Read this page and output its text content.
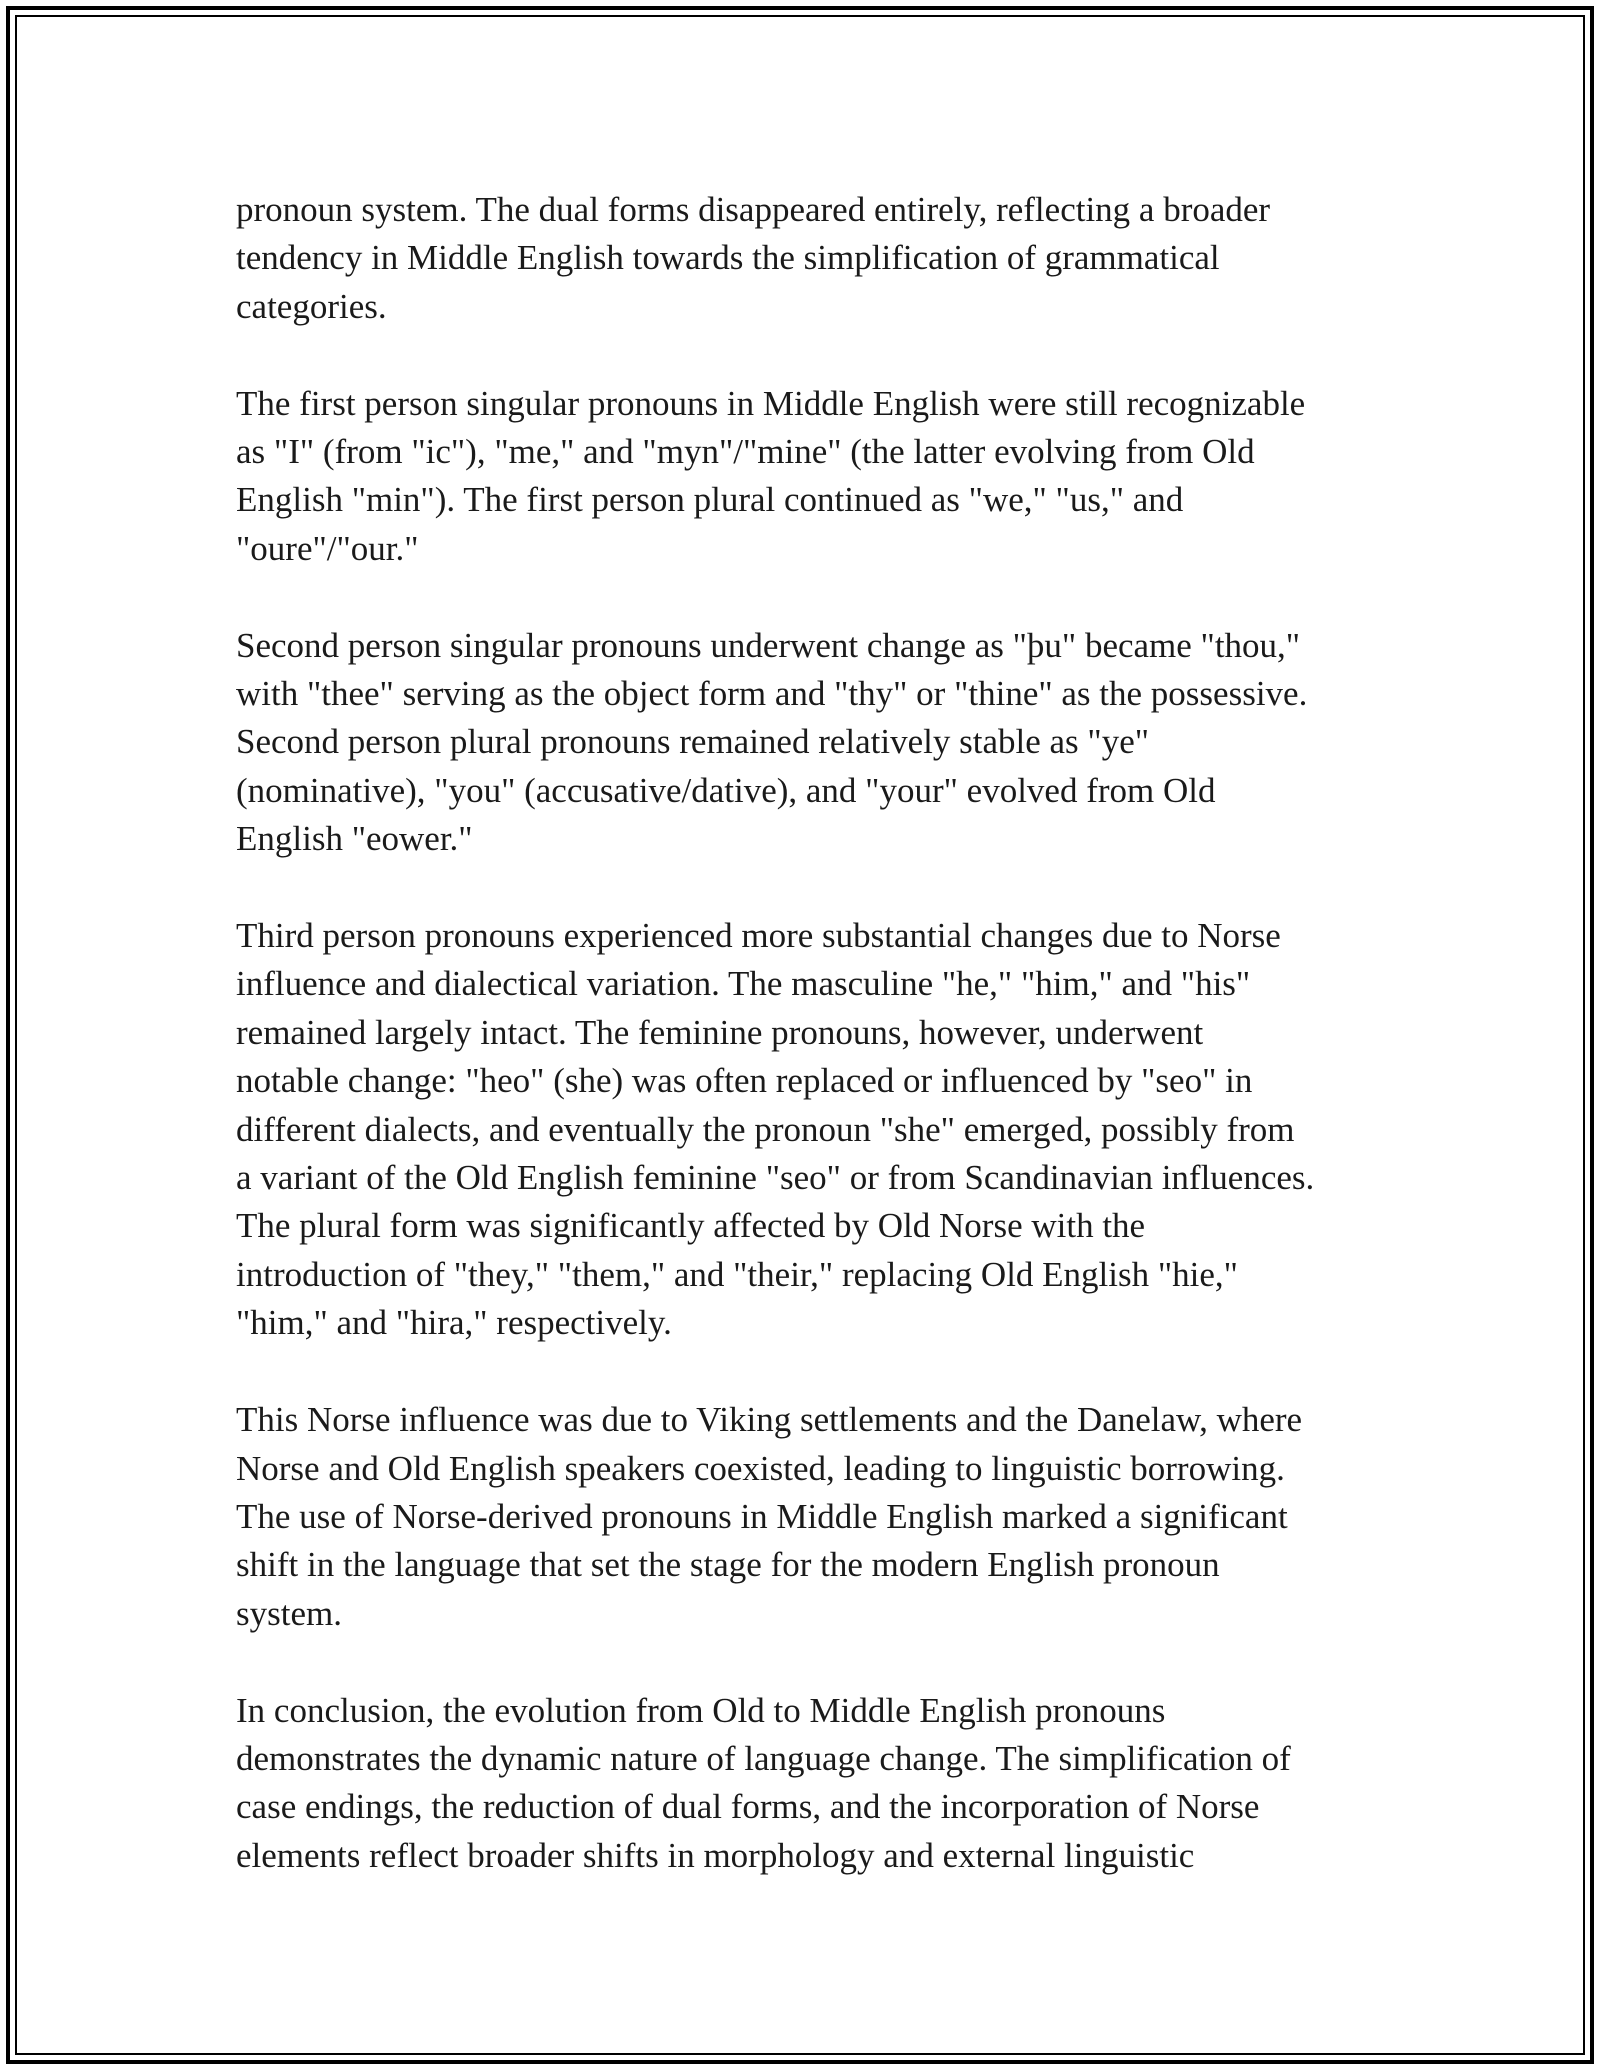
pronoun system. The dual forms disappeared entirely, reflecting a broader
tendency in Middle English towards the simplification of grammatical
categories.

The first person singular pronouns in Middle English were still recognizable
as "I" (from "ic"), "me," and "myn"/"mine" (the latter evolving from Old
English "min"). The first person plural continued as "we," "us," and
"oure"/"our."

Second person singular pronouns underwent change as "þu" became "thou,"
with "thee" serving as the object form and "thy" or "thine" as the possessive.
Second person plural pronouns remained relatively stable as "ye"
(nominative), "you" (accusative/dative), and "your" evolved from Old
English "eower."

Third person pronouns experienced more substantial changes due to Norse
influence and dialectical variation. The masculine "he," "him," and "his"
remained largely intact. The feminine pronouns, however, underwent
notable change: "heo" (she) was often replaced or influenced by "seo" in
different dialects, and eventually the pronoun "she" emerged, possibly from
a variant of the Old English feminine "seo" or from Scandinavian influences.
The plural form was significantly affected by Old Norse with the
introduction of "they," "them," and "their," replacing Old English "hie,"
"him," and "hira," respectively.

This Norse influence was due to Viking settlements and the Danelaw, where
Norse and Old English speakers coexisted, leading to linguistic borrowing.
The use of Norse-derived pronouns in Middle English marked a significant
shift in the language that set the stage for the modern English pronoun
system.

In conclusion, the evolution from Old to Middle English pronouns
demonstrates the dynamic nature of language change. The simplification of
case endings, the reduction of dual forms, and the incorporation of Norse
elements reflect broader shifts in morphology and external linguistic
